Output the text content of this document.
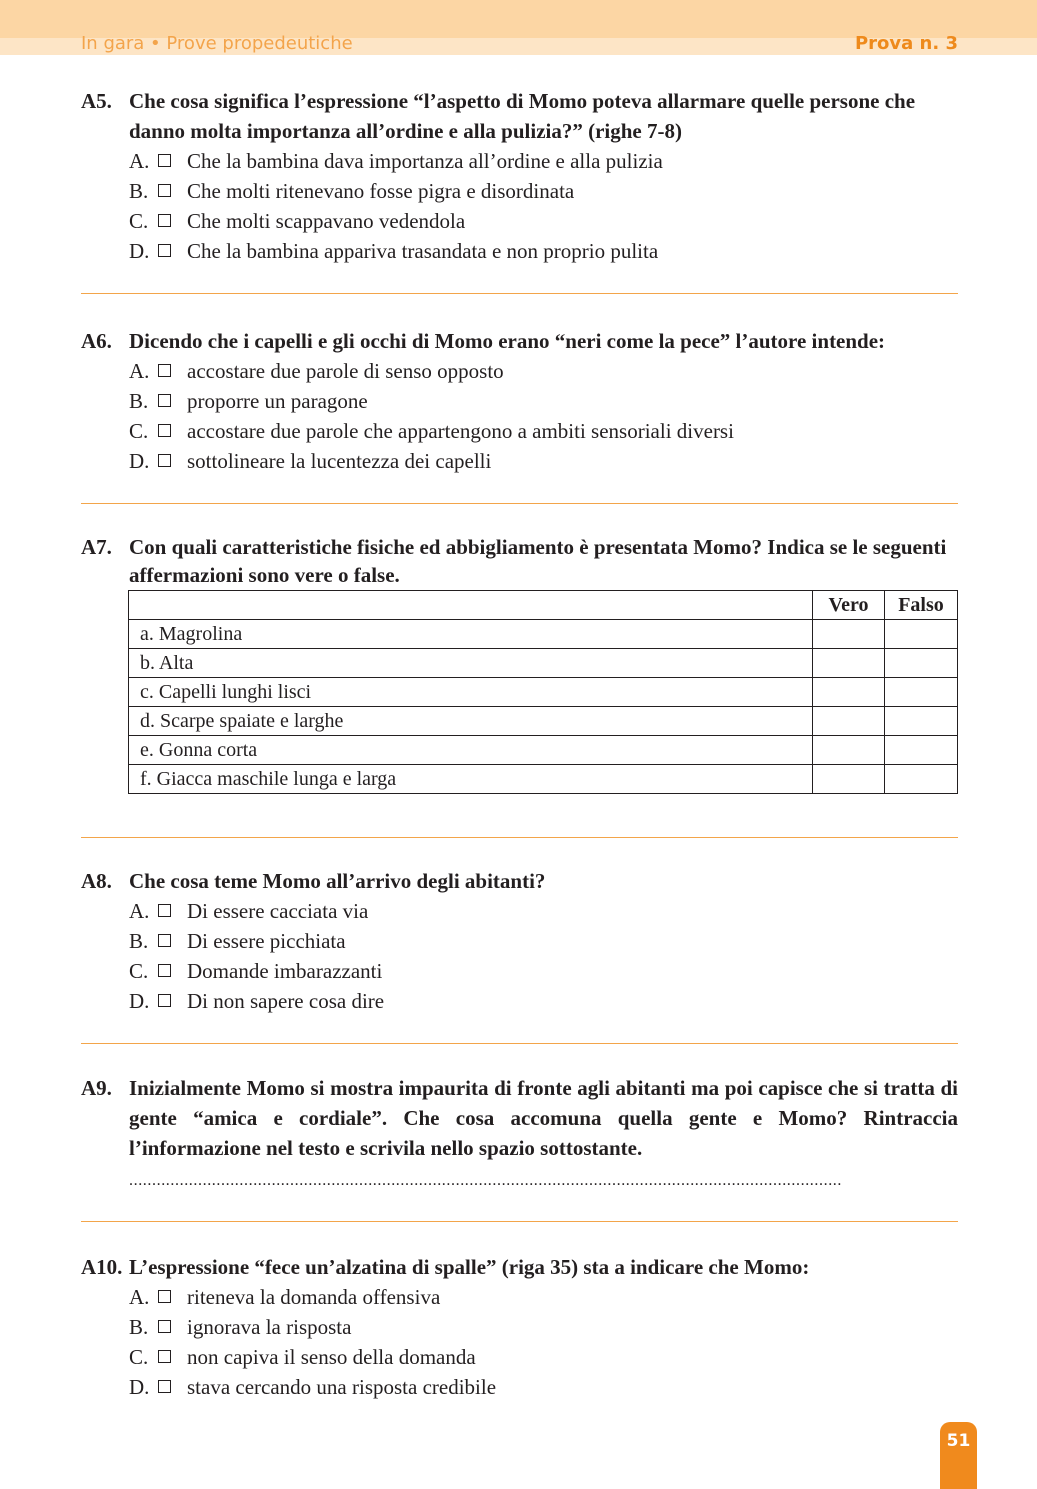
In gara • Prove propedeutiche	Prova n. 3
A5. Che cosa significa l’espressione “l’aspetto di Momo poteva allarmare quelle persone che danno molta importanza all’ordine e alla pulizia?” (righe 7-8)
A. Che la bambina dava importanza all’ordine e alla pulizia
B. Che molti ritenevano fosse pigra e disordinata
C. Che molti scappavano vedendola
D. Che la bambina appariva trasandata e non proprio pulita
A6. Dicendo che i capelli e gli occhi di Momo erano “neri come la pece” l’autore intende:
A. accostare due parole di senso opposto
B. proporre un paragone
C. accostare due parole che appartengono a ambiti sensoriali diversi
D. sottolineare la lucentezza dei capelli
A7. Con quali caratteristiche fisiche ed abbigliamento è presentata Momo? Indica se le seguenti affermazioni sono vere o false.
	Vero	Falso
a. Magrolina		
b. Alta		
c. Capelli lunghi lisci		
d. Scarpe spaiate e larghe		
e. Gonna corta		
f. Giacca maschile lunga e larga		
A8. Che cosa teme Momo all’arrivo degli abitanti?
A. Di essere cacciata via
B. Di essere picchiata
C. Domande imbarazzanti
D. Di non sapere cosa dire
A9. Inizialmente Momo si mostra impaurita di fronte agli abitanti ma poi capisce che si tratta di gente “amica e cordiale”. Che cosa accomuna quella gente e Momo? Rintraccia l’informazione nel testo e scrivila nello spazio sottostante.
...........................................................................................................................................................
A10. L’espressione “fece un’alzatina di spalle” (riga 35) sta a indicare che Momo:
A. riteneva la domanda offensiva
B. ignorava la risposta
C. non capiva il senso della domanda
D. stava cercando una risposta credibile
51
